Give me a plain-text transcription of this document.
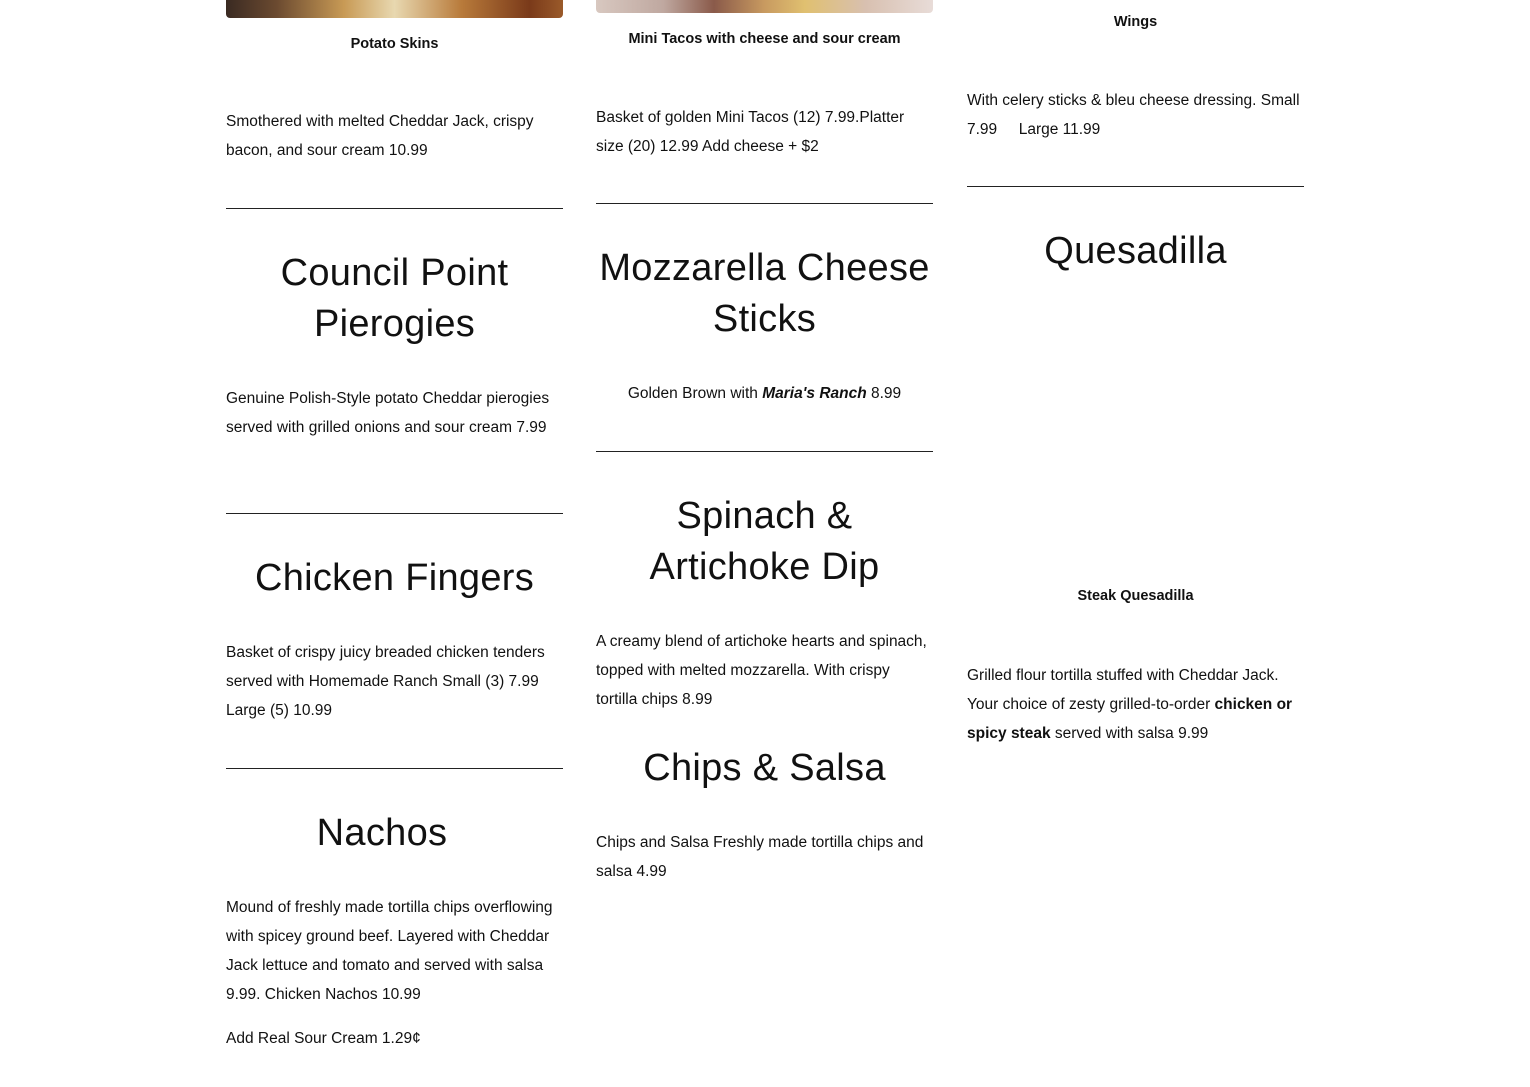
Potato Skins
Smothered with melted Cheddar Jack, crispy bacon, and sour cream 10.99
Council Point Pierogies
Genuine Polish-Style potato Cheddar pierogies served with grilled onions and sour cream 7.99
Chicken Fingers
Basket of crispy juicy breaded chicken tenders served with Homemade Ranch Small (3) 7.99     Large (5) 10.99
Nachos
Mound of freshly made tortilla chips overflowing with spicey ground beef. Layered with Cheddar Jack lettuce and tomato and served with salsa 9.99. Chicken Nachos 10.99
Add Real Sour Cream 1.29¢
Mini Tacos with cheese and sour cream
Basket of golden Mini Tacos (12) 7.99.Platter size (20) 12.99 Add cheese + $2
Mozzarella Cheese Sticks
Golden Brown with Maria's Ranch 8.99
Spinach & Artichoke Dip
A creamy blend of artichoke hearts and spinach, topped with melted mozzarella. With crispy tortilla chips 8.99
Chips & Salsa
Chips and Salsa Freshly made tortilla chips and salsa 4.99
Wings
With celery sticks & bleu cheese dressing. Small 7.99     Large 11.99
Quesadilla
Steak Quesadilla
Grilled flour tortilla stuffed with Cheddar Jack. Your choice of zesty grilled-to-order chicken or spicy steak served with salsa 9.99
